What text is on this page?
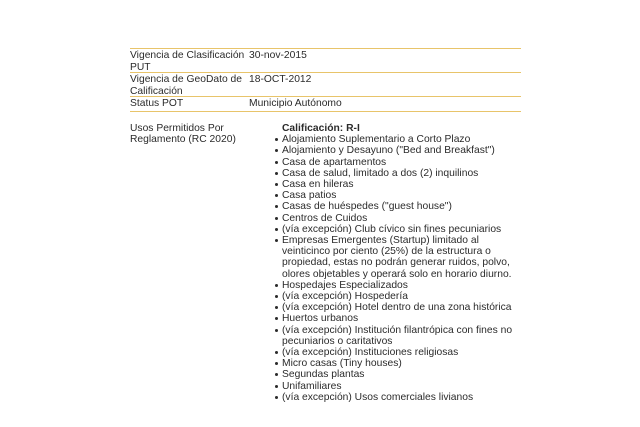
Vigencia de Clasificación PUT
30-nov-2015
Vigencia de GeoDato de Calificación
18-OCT-2012
Status POT	Municipio Autónomo
Usos Permitidos Por Reglamento (RC 2020)
Calificación: R-I
Alojamiento Suplementario a Corto Plazo
Alojamiento y Desayuno ("Bed and Breakfast")
Casa de apartamentos
Casa de salud, limitado a dos (2) inquilinos
Casa en hileras
Casa patios
Casas de huéspedes ("guest house")
Centros de Cuidos
(vía excepción) Club cívico sin fines pecuniarios
Empresas Emergentes (Startup) limitado al veinticinco por ciento (25%) de la estructura o propiedad, estas no podrán generar ruidos, polvo, olores objetables y operará solo en horario diurno.
Hospedajes Especializados
(vía excepción) Hospedería
(vía excepción) Hotel dentro de una zona histórica
Huertos urbanos
(vía excepción) Institución filantrópica con fines no pecuniarios o caritativos
(vía excepción) Instituciones religiosas
Micro casas (Tiny houses)
Segundas plantas
Unifamiliares
(vía excepción) Usos comerciales livianos
